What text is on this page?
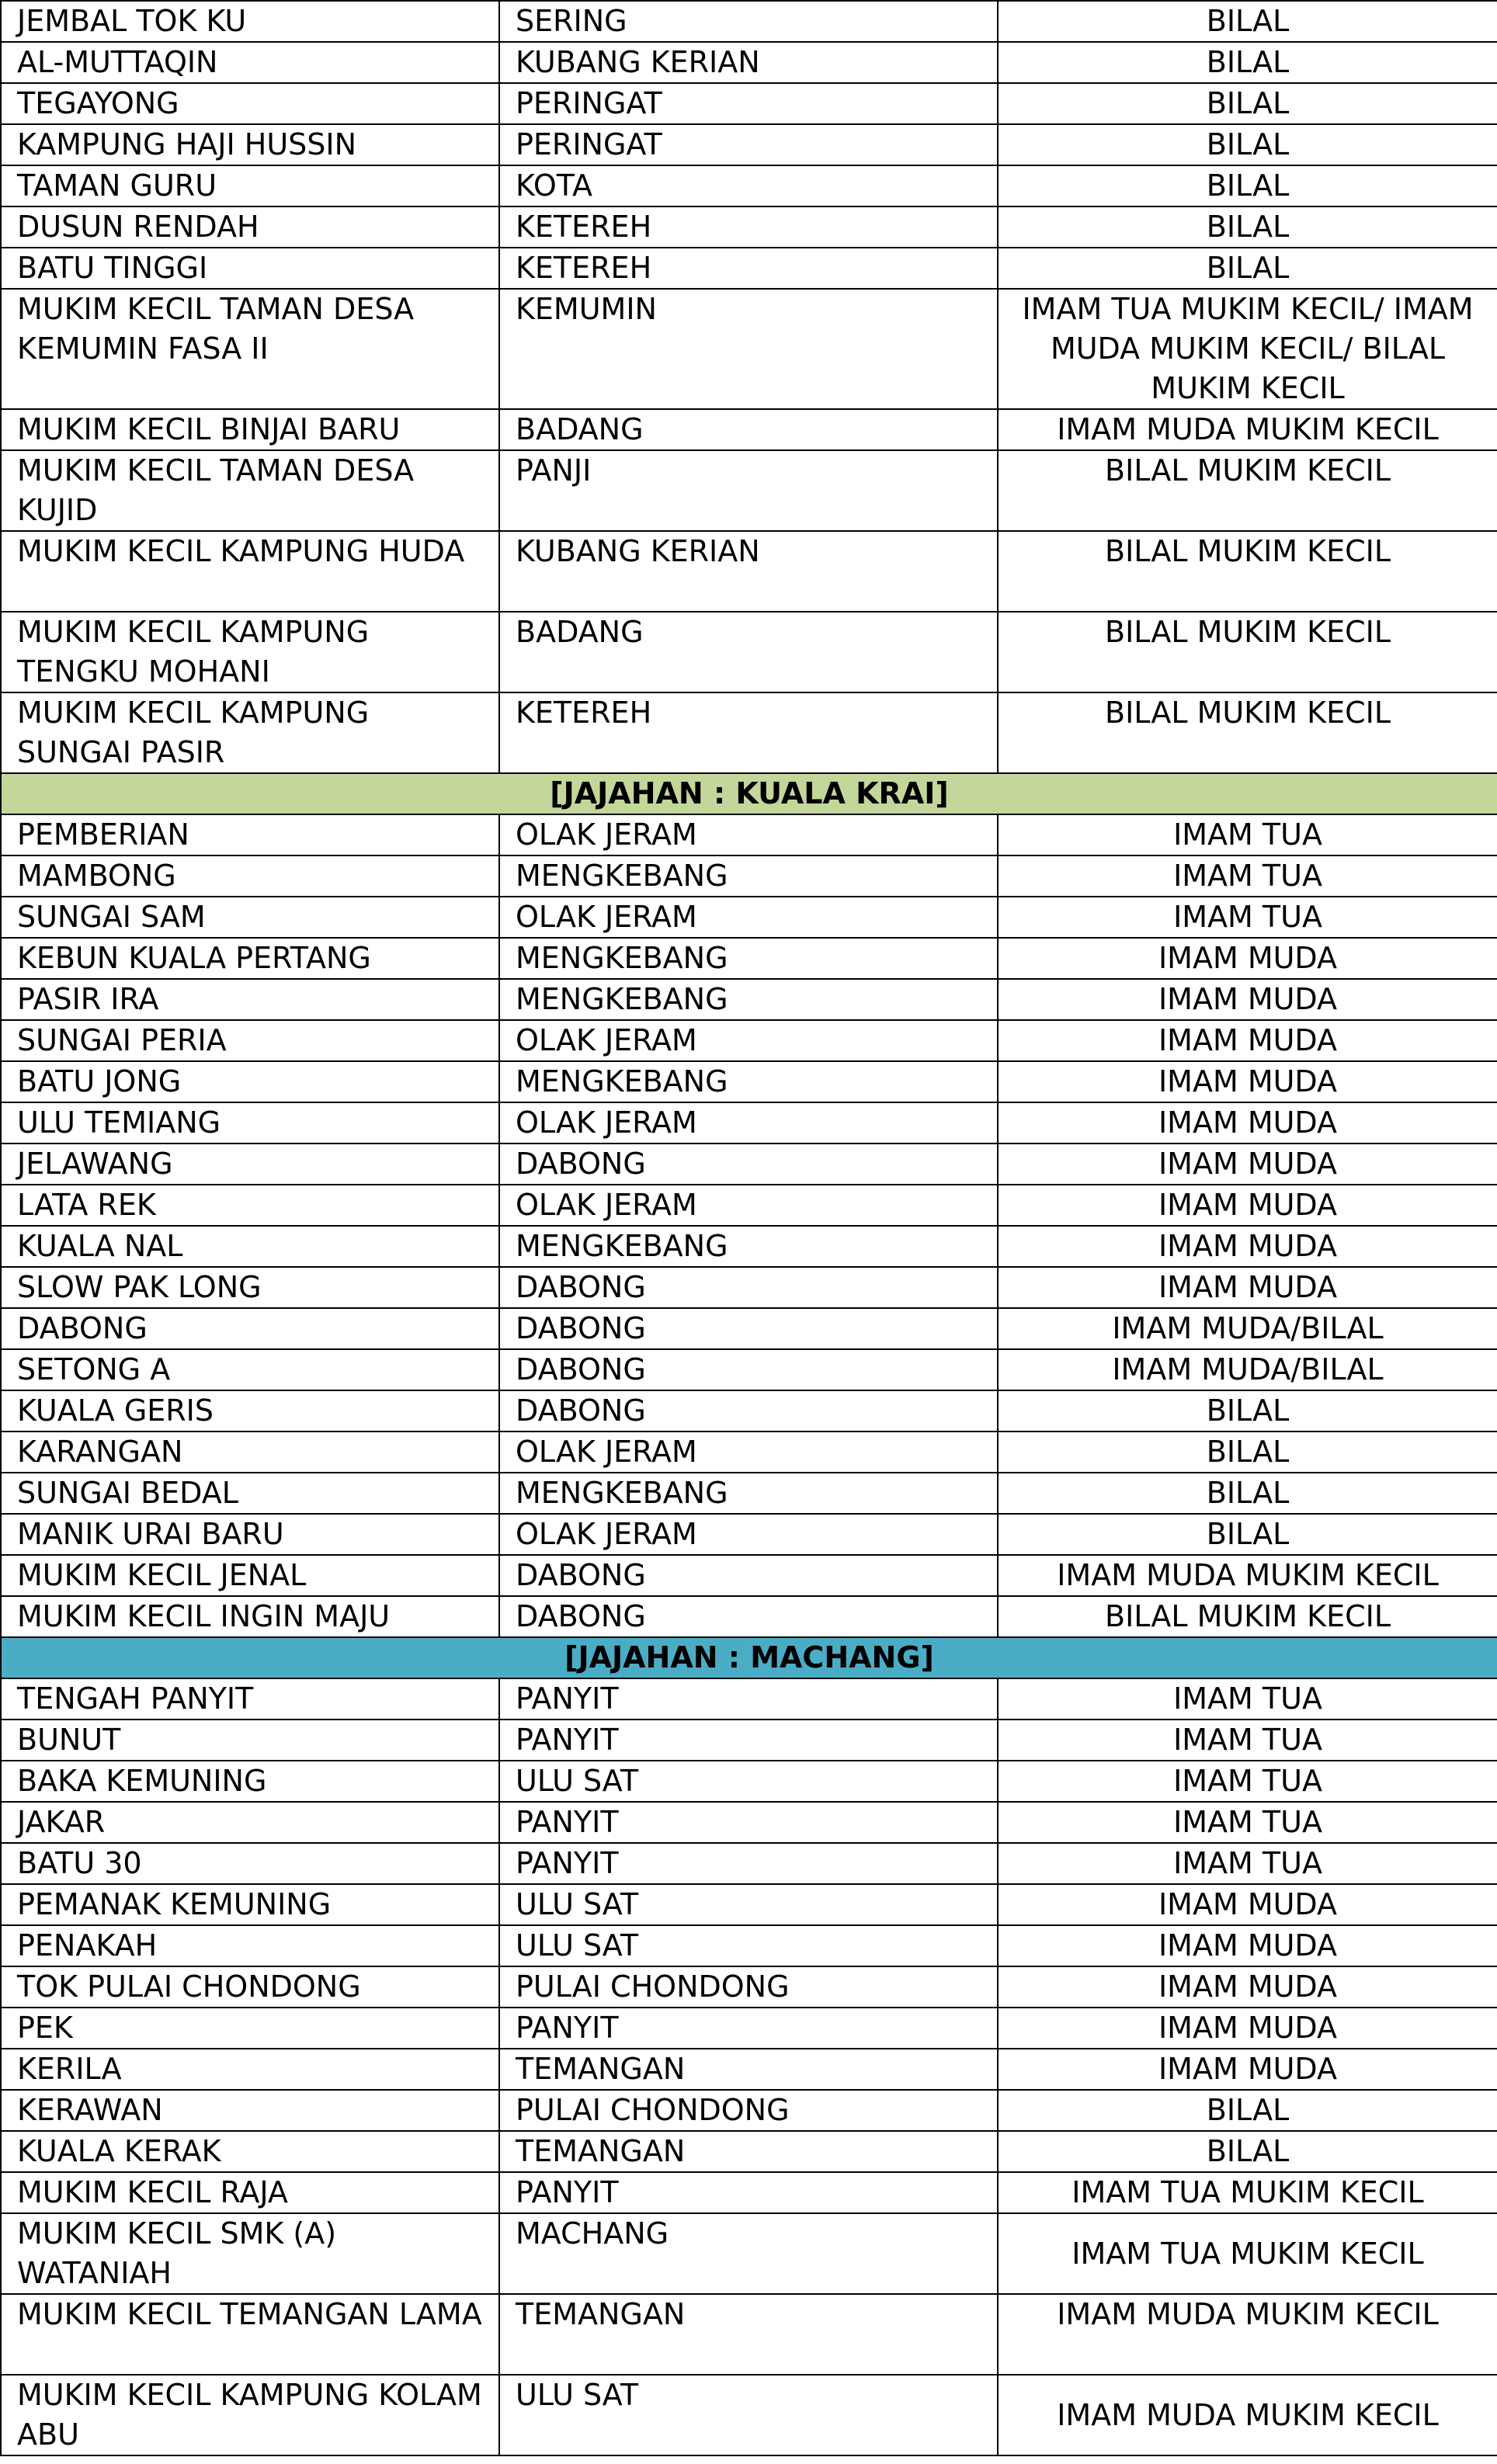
JEMBAL TOK KU	SERING	BILAL
AL-MUTTAQIN	KUBANG KERIAN	BILAL
TEGAYONG	PERINGAT	BILAL
KAMPUNG HAJI HUSSIN	PERINGAT	BILAL
TAMAN GURU	KOTA	BILAL
DUSUN RENDAH	KETEREH	BILAL
BATU TINGGI	KETEREH	BILAL
MUKIM KECIL TAMAN DESA KEMUMIN FASA II	KEMUMIN	IMAM TUA MUKIM KECIL/ IMAM MUDA MUKIM KECIL/ BILAL MUKIM KECIL
MUKIM KECIL BINJAI BARU	BADANG	IMAM MUDA MUKIM KECIL
MUKIM KECIL TAMAN DESA KUJID	PANJI	BILAL MUKIM KECIL
MUKIM KECIL KAMPUNG HUDA	KUBANG KERIAN	BILAL MUKIM KECIL
MUKIM KECIL KAMPUNG TENGKU MOHANI	BADANG	BILAL MUKIM KECIL
MUKIM KECIL KAMPUNG SUNGAI PASIR	KETEREH	BILAL MUKIM KECIL
[JAJAHAN : KUALA KRAI]		
PEMBERIAN	OLAK JERAM	IMAM TUA
MAMBONG	MENGKEBANG	IMAM TUA
SUNGAI SAM	OLAK JERAM	IMAM TUA
KEBUN KUALA PERTANG	MENGKEBANG	IMAM MUDA
PASIR IRA	MENGKEBANG	IMAM MUDA
SUNGAI PERIA	OLAK JERAM	IMAM MUDA
BATU JONG	MENGKEBANG	IMAM MUDA
ULU TEMIANG	OLAK JERAM	IMAM MUDA
JELAWANG	DABONG	IMAM MUDA
LATA REK	OLAK JERAM	IMAM MUDA
KUALA NAL	MENGKEBANG	IMAM MUDA
SLOW PAK LONG	DABONG	IMAM MUDA
DABONG	DABONG	IMAM MUDA/BILAL
SETONG A	DABONG	IMAM MUDA/BILAL
KUALA GERIS	DABONG	BILAL
KARANGAN	OLAK JERAM	BILAL
SUNGAI BEDAL	MENGKEBANG	BILAL
MANIK URAI BARU	OLAK JERAM	BILAL
MUKIM KECIL JENAL	DABONG	IMAM MUDA MUKIM KECIL
MUKIM KECIL INGIN MAJU	DABONG	BILAL MUKIM KECIL
[JAJAHAN : MACHANG]		
TENGAH PANYIT	PANYIT	IMAM TUA
BUNUT	PANYIT	IMAM TUA
BAKA KEMUNING	ULU SAT	IMAM TUA
JAKAR	PANYIT	IMAM TUA
BATU 30	PANYIT	IMAM TUA
PEMANAK KEMUNING	ULU SAT	IMAM MUDA
PENAKAH	ULU SAT	IMAM MUDA
TOK PULAI CHONDONG	PULAI CHONDONG	IMAM MUDA
PEK	PANYIT	IMAM MUDA
KERILA	TEMANGAN	IMAM MUDA
KERAWAN	PULAI CHONDONG	BILAL
KUALA KERAK	TEMANGAN	BILAL
MUKIM KECIL RAJA	PANYIT	IMAM TUA MUKIM KECIL
MUKIM KECIL SMK (A) WATANIAH	MACHANG	IMAM TUA MUKIM KECIL
MUKIM KECIL TEMANGAN LAMA	TEMANGAN	IMAM MUDA MUKIM KECIL
MUKIM KECIL KAMPUNG KOLAM ABU	ULU SAT	IMAM MUDA MUKIM KECIL
